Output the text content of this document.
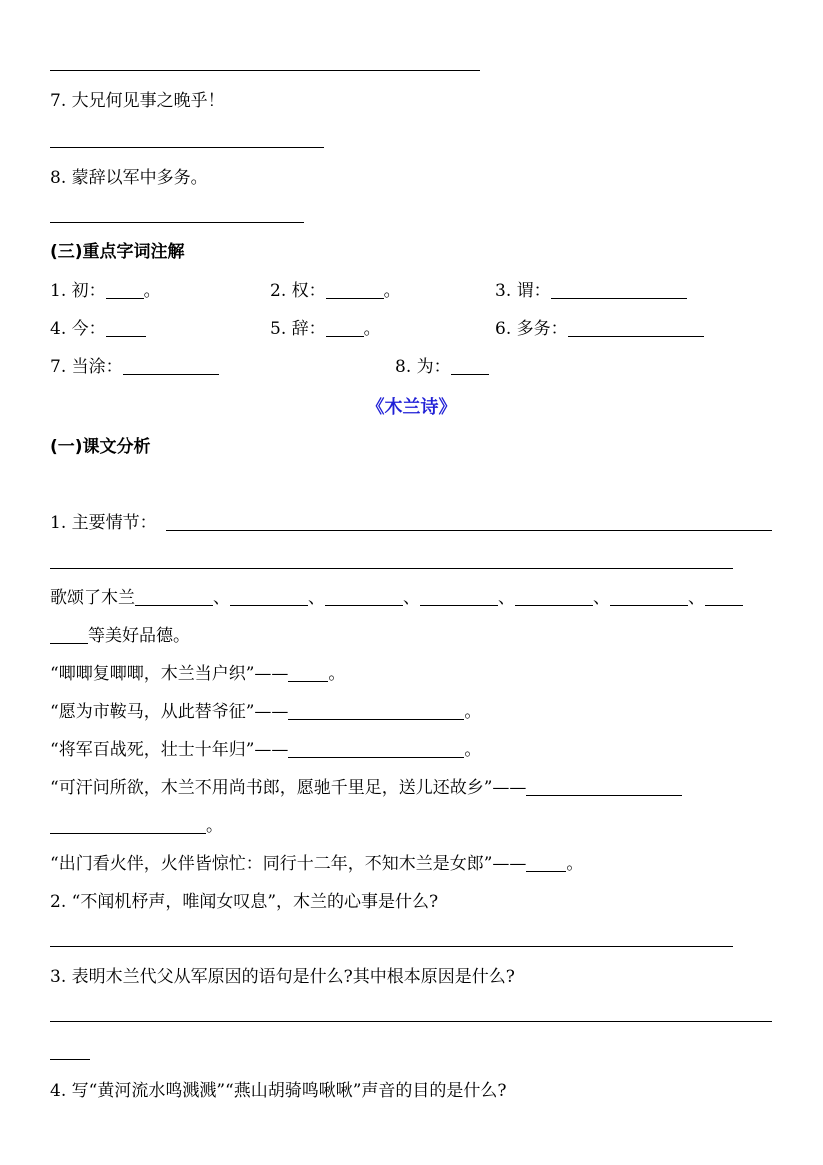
7. 大兄何见事之晚乎！
8. 蒙辞以军中多务。
(三)重点字词注解
1. 初： 。	2. 权：	。	3. 谓：
4. 今：	5. 辞： 。	6. 多务：
7. 当涂：	8. 为：
《木兰诗》
(一)课文分析
1. 主要情节：
歌颂了木兰	、	、	、	、	、	、
等美好品德。
“唧唧复唧唧，木兰当户织”—— 。
“愿为市鞍马，从此替爷征”——	。
“将军百战死，壮士十年归”——	。
“可汗问所欲，木兰不用尚书郎，愿驰千里足，送儿还故乡”——
。
“出门看火伴，火伴皆惊忙：同行十二年，不知木兰是女郎”—— 。
2. “不闻机杼声，唯闻女叹息”，木兰的心事是什么?
3. 表明木兰代父从军原因的语句是什么?其中根本原因是什么?
4. 写“黄河流水鸣溅溅”“燕山胡骑鸣啾啾”声音的目的是什么?
